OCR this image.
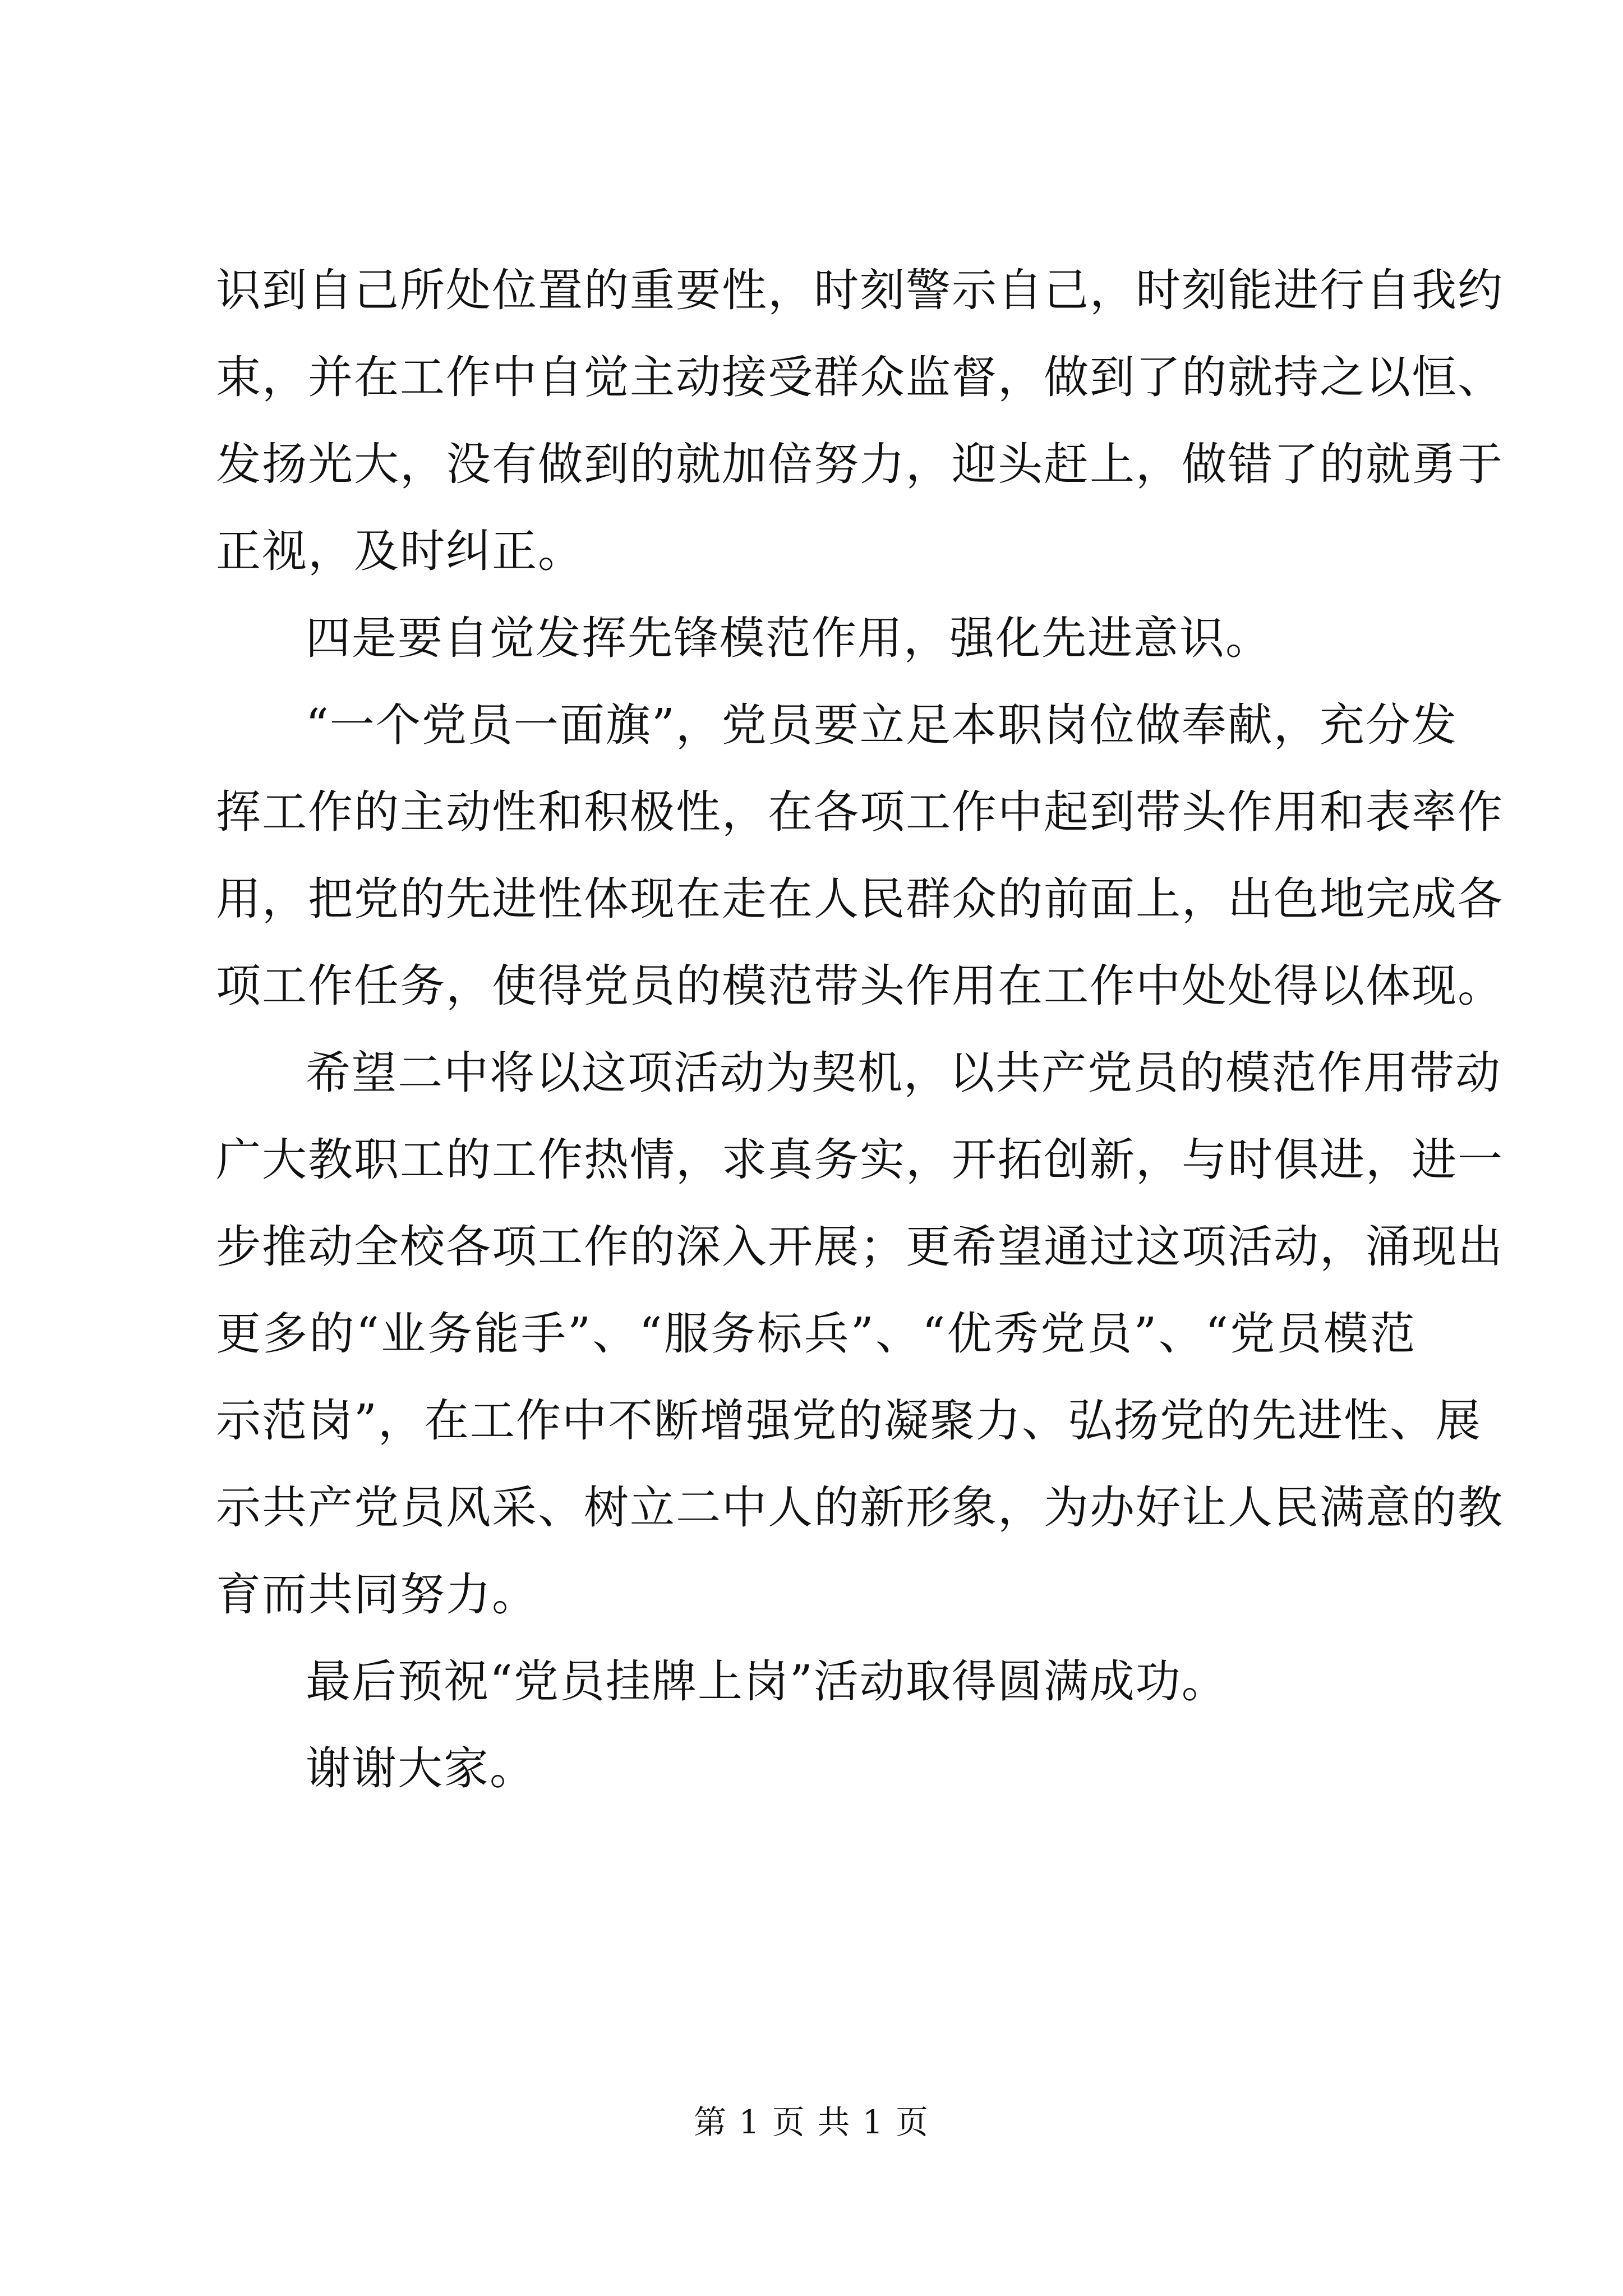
识到自己所处位置的重要性，时刻警示自己，时刻能进行自我约
束，并在工作中自觉主动接受群众监督，做到了的就持之以恒、
发扬光大，没有做到的就加倍努力，迎头赶上，做错了的就勇于
正视，及时纠正。
四是要自觉发挥先锋模范作用，强化先进意识。
“一个党员一面旗”，党员要立足本职岗位做奉献，充分发
挥工作的主动性和积极性，在各项工作中起到带头作用和表率作
用，把党的先进性体现在走在人民群众的前面上，出色地完成各
项工作任务，使得党员的模范带头作用在工作中处处得以体现。
希望二中将以这项活动为契机，以共产党员的模范作用带动
广大教职工的工作热情，求真务实，开拓创新，与时俱进，进一
步推动全校各项工作的深入开展；更希望通过这项活动，涌现出
更多的“业务能手”、“服务标兵”、“优秀党员”、“党员模范
示范岗”，在工作中不断增强党的凝聚力、弘扬党的先进性、展
示共产党员风采、树立二中人的新形象，为办好让人民满意的教
育而共同努力。
最后预祝“党员挂牌上岗”活动取得圆满成功。
谢谢大家。
第 1 页 共 1 页
